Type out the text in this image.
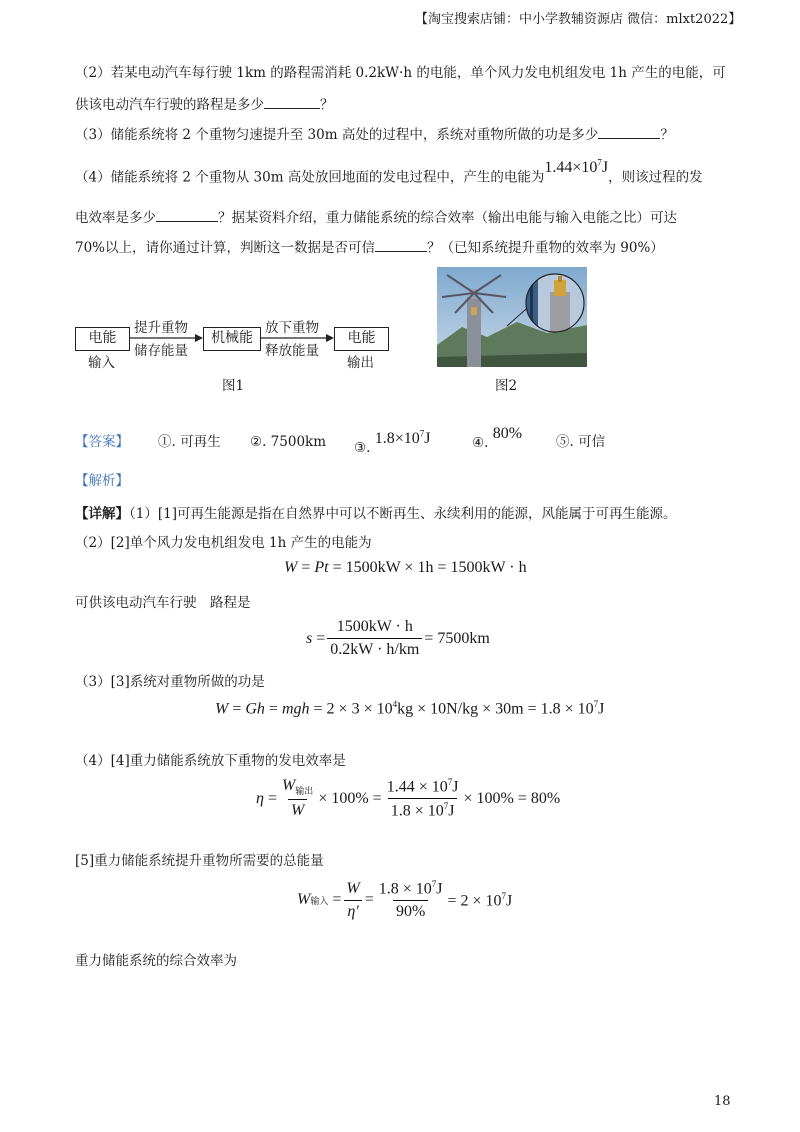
【淘宝搜索店铺：中小学教辅资源店 微信：mlxt2022】
（2）若某电动汽车每行驶 1km 的路程需消耗 0.2kW·h 的电能，单个风力发电机组发电 1h 产生的电能，可
供该电动汽车行驶的路程是多少	？
（3）储能系统将 2 个重物匀速提升至 30m 高处的过程中，系统对重物所做的功是多少	？
（4）储能系统将 2 个重物从 30m 高处放回地面的发电过程中，产生的电能为$1.44\times 10^7J$，则该过程的发
电效率是多少	？据某资料介绍，重力储能系统的综合效率（输出电能与输入电能之比）可达
70%以上，请你通过计算，判断这一数据是否可信	？（已知系统提升重物的效率为 90%）
电能	机械能	电能
提升重物
储存能量
放下重物
释放能量
输入	输出
图1	图2
【答案】 ①. 可再生 ②. 7500km ③. $1.8\times 10^7J$	④. 80%	⑤. 可信
【解析】
【详解】（1）[1]可再生能源是指在自然界中可以不断再生、永续利用的能源，风能属于可再生能源。
（2）[2]单个风力发电机组发电 1h 产生的电能为
W = Pt = 1500kW × 1h = 1500kW · h
可供该电动汽车行驶　路程是
$s = \frac{1500kW \cdot h}{0.2kW \cdot h/km} = 7500km$
（3）[3]系统对重物所做的功是
W = Gh = mgh = $2 \times 3 \times 10^4kg \times 10N/kg \times 30m = 1.8 \times 10^7J$
（4）[4]重力储能系统放下重物的发电效率是
$\eta = \frac{W_{输出}}{W} \times 100\% = \frac{1.44 \times 10^7J}{1.8 \times 10^7J} \times 100\% = 80\%$
[5]重力储能系统提升重物所需要的总能量
W 输入 = $\frac{W}{\eta'} = \frac{1.8 \times 10^7J}{90\%} = 2 \times 10^7J$
重力储能系统的综合效率为
18
